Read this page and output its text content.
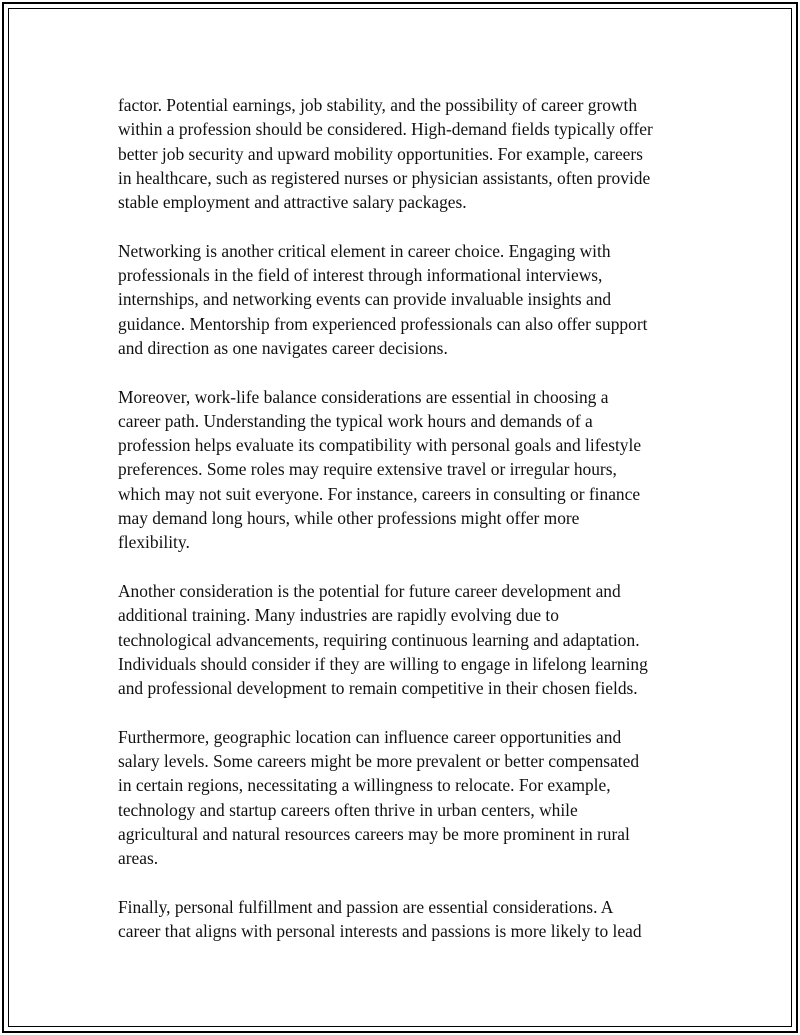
factor. Potential earnings, job stability, and the possibility of career growth
within a profession should be considered. High-demand fields typically offer
better job security and upward mobility opportunities. For example, careers
in healthcare, such as registered nurses or physician assistants, often provide
stable employment and attractive salary packages.

Networking is another critical element in career choice. Engaging with
professionals in the field of interest through informational interviews,
internships, and networking events can provide invaluable insights and
guidance. Mentorship from experienced professionals can also offer support
and direction as one navigates career decisions.

Moreover, work-life balance considerations are essential in choosing a
career path. Understanding the typical work hours and demands of a
profession helps evaluate its compatibility with personal goals and lifestyle
preferences. Some roles may require extensive travel or irregular hours,
which may not suit everyone. For instance, careers in consulting or finance
may demand long hours, while other professions might offer more
flexibility.

Another consideration is the potential for future career development and
additional training. Many industries are rapidly evolving due to
technological advancements, requiring continuous learning and adaptation.
Individuals should consider if they are willing to engage in lifelong learning
and professional development to remain competitive in their chosen fields.

Furthermore, geographic location can influence career opportunities and
salary levels. Some careers might be more prevalent or better compensated
in certain regions, necessitating a willingness to relocate. For example,
technology and startup careers often thrive in urban centers, while
agricultural and natural resources careers may be more prominent in rural
areas.

Finally, personal fulfillment and passion are essential considerations. A
career that aligns with personal interests and passions is more likely to lead
